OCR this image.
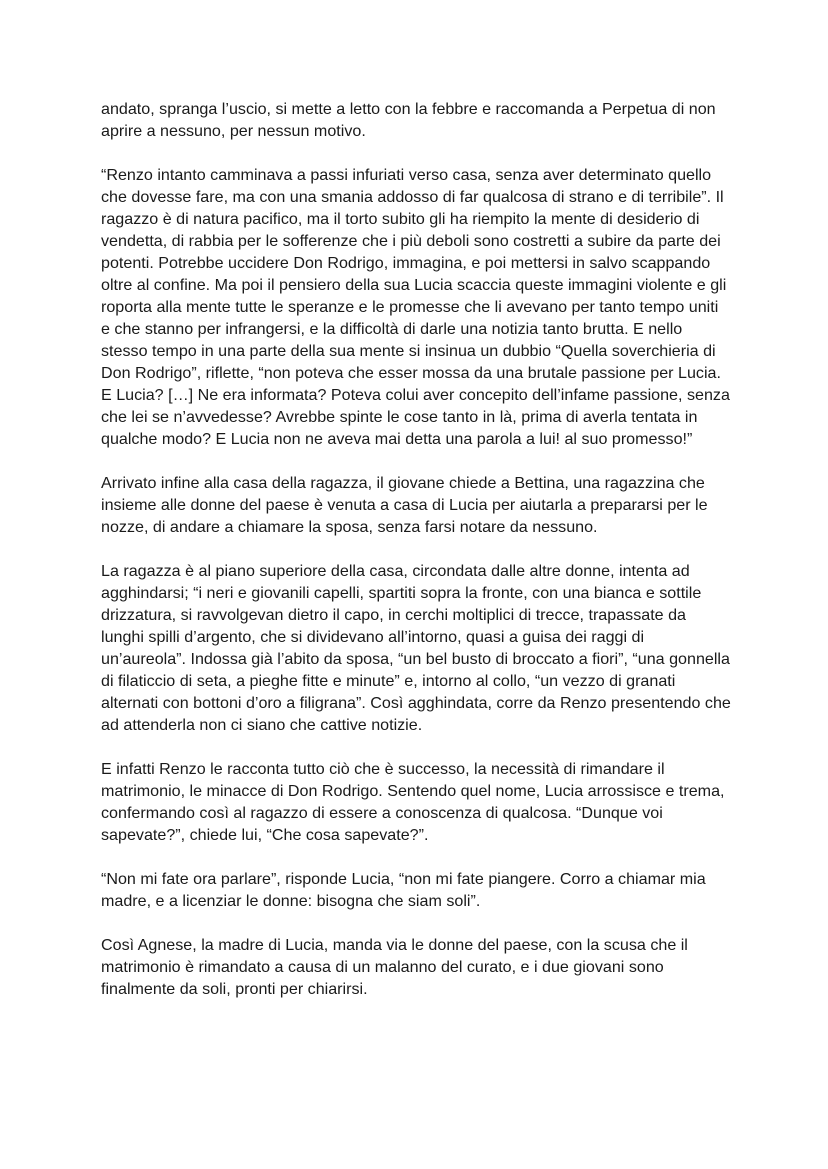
andato, spranga l’uscio, si mette a letto con la febbre e raccomanda a Perpetua di non aprire a nessuno, per nessun motivo.

“Renzo intanto camminava a passi infuriati verso casa, senza aver determinato quello che dovesse fare, ma con una smania addosso di far qualcosa di strano e di terribile”. Il ragazzo è di natura pacifico, ma il torto subito gli ha riempito la mente di desiderio di vendetta, di rabbia per le sofferenze che i più deboli sono costretti a subire da parte dei potenti. Potrebbe uccidere Don Rodrigo, immagina, e poi mettersi in salvo scappando oltre al confine. Ma poi il pensiero della sua Lucia scaccia queste immagini violente e gli roporta alla mente tutte le speranze e le promesse che li avevano per tanto tempo uniti e che stanno per infrangersi, e la difficoltà di darle una notizia tanto brutta. E nello stesso tempo in una parte della sua mente si insinua un dubbio “Quella soverchieria di Don Rodrigo”, riflette, “non poteva che esser mossa da una brutale passione per Lucia. E Lucia? […] Ne era informata? Poteva colui aver concepito dell’infame passione, senza che lei se n’avvedesse? Avrebbe spinte le cose tanto in là, prima di averla tentata in qualche modo? E Lucia non ne aveva mai detta una parola a lui! al suo promesso!”

Arrivato infine alla casa della ragazza, il giovane chiede a Bettina, una ragazzina che insieme alle donne del paese è venuta a casa di Lucia per aiutarla a prepararsi per le nozze, di andare a chiamare la sposa, senza farsi notare da nessuno.

La ragazza è al piano superiore della casa, circondata dalle altre donne, intenta ad agghindarsi; “i neri e giovanili capelli, spartiti sopra la fronte, con una bianca e sottile drizzatura, si ravvolgevan dietro il capo, in cerchi moltiplici di trecce, trapassate da lunghi spilli d’argento, che si dividevano all’intorno, quasi a guisa dei raggi di un’aureola”. Indossa già l’abito da sposa, “un bel busto di broccato a fiori”, “una gonnella di filaticcio di seta, a pieghe fitte e minute” e, intorno al collo, “un vezzo di granati alternati con bottoni d’oro a filigrana”. Così agghindata, corre da Renzo presentendo che ad attenderla non ci siano che cattive notizie.

E infatti Renzo le racconta tutto ciò che è successo, la necessità di rimandare il matrimonio, le minacce di Don Rodrigo. Sentendo quel nome, Lucia arrossisce e trema, confermando così al ragazzo di essere a conoscenza di qualcosa. “Dunque voi sapevate?”, chiede lui, “Che cosa sapevate?”.

“Non mi fate ora parlare”, risponde Lucia, “non mi fate piangere. Corro a chiamar mia madre, e a licenziar le donne: bisogna che siam soli”.

Così Agnese, la madre di Lucia, manda via le donne del paese, con la scusa che il matrimonio è rimandato a causa di un malanno del curato, e i due giovani sono finalmente da soli, pronti per chiarirsi.
